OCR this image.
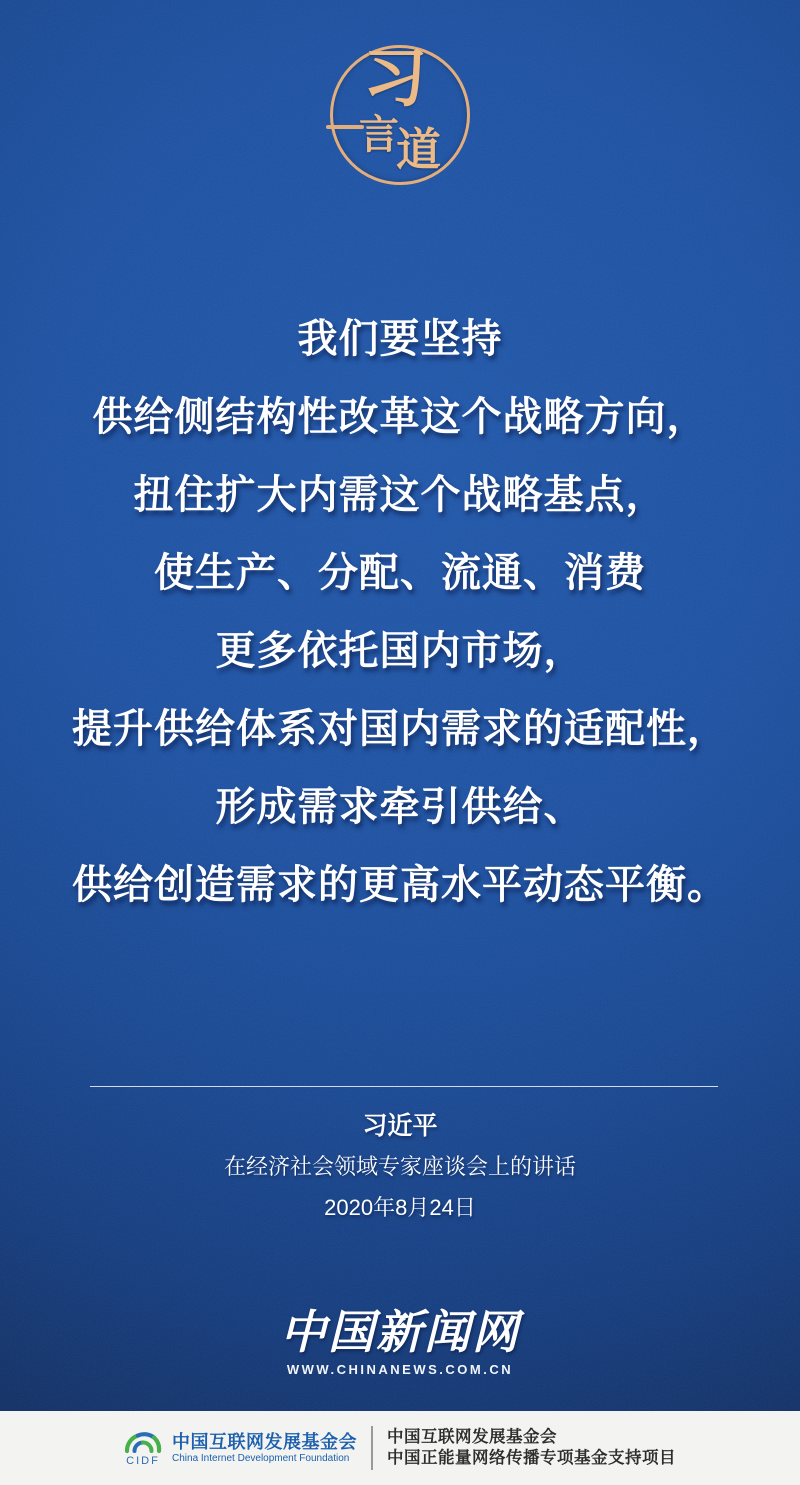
习
言
道

我们要坚持

供给侧结构性改革这个战略方向，

扭住扩大内需这个战略基点，

使生产、分配、流通、消费

更多依托国内市场，

提升供给体系对国内需求的适配性，

形成需求牵引供给、

供给创造需求的更高水平动态平衡。

习近平

在经济社会领域专家座谈会上的讲话

2020年8月24日

中国新闻网

WWW.CHINANEWS.COM.CN

CIDF
中国互联网发展基金会
China Internet Development Foundation

中国互联网发展基金会

中国正能量网络传播专项基金支持项目
